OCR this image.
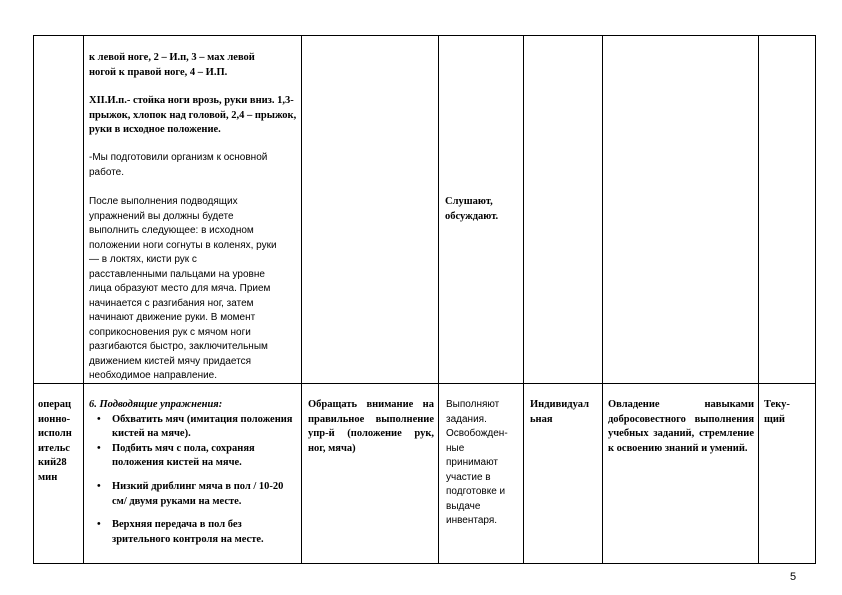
к левой ноге, 2 – И.п, 3 – мах левой
ногой к правой ноге, 4 – И.П.
XII.И.п.- стойка ноги врозь, руки вниз. 1,3- прыжок, хлопок над головой, 2,4 – прыжок, руки в исходное положение.
-Мы подготовили организм к основной работе.
После выполнения подводящих
упражнений вы должны будете
выполнить следующее: в исходном
положении ноги согнуты в коленях, руки
— в локтях, кисти рук с
расставленными пальцами на уровне
лица образуют место для мяча. Прием
начинается с разгибания ног, затем
начинают движение руки. В момент
соприкосновения рук с мячом ноги
разгибаются быстро, заключительным
движением кистей мячу придается
необходимое направление.
Слушают,
обсуждают.
операц
ионно-
исполн
ительс
кий28
мин
6. Подводящие упражнения:
• Обхватить мяч (имитация положения кистей на мяче).
• Подбить мяч с пола, сохраняя положения кистей на мяче.
• Низкий дриблинг мяча в пол / 10-20 см/ двумя руками на месте.
• Верхняя передача в пол без зрительного контроля на месте.
Обращать внимание на правильное выполнение упр-й (положение рук, ног, мяча)
Выполняют
задания.
Освобожден-
ные
принимают
участие в
подготовке и
выдаче
инвентаря.
Индивидуал
ьная
Овладение навыками добросовестного выполнения учебных заданий, стремление к освоению знаний и умений.
Теку-
щий
5
